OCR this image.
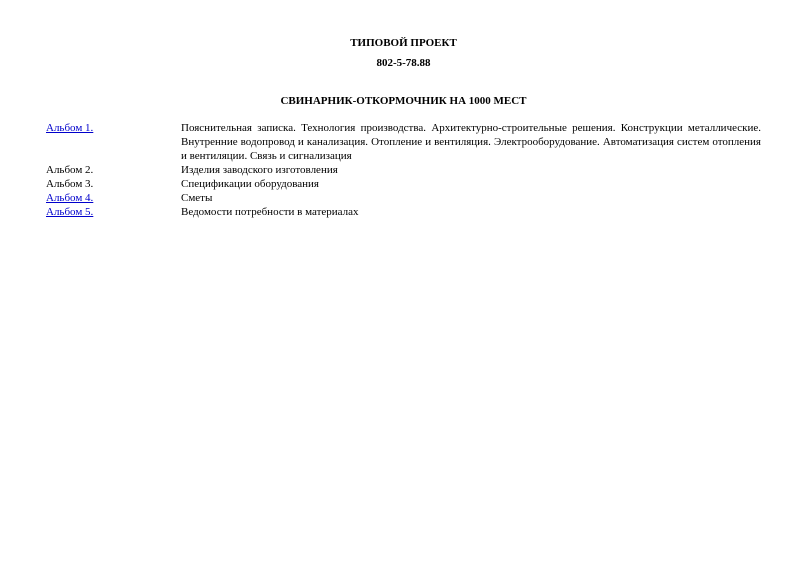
ТИПОВОЙ ПРОЕКТ
802-5-78.88
СВИНАРНИК-ОТКОРМОЧНИК НА 1000 МЕСТ
Альбом 1.	Пояснительная записка. Технология производства. Архитектурно-строительные решения. Конструкции металлические. Внутренние водопровод и канализация. Отопление и вентиляция. Электрооборудование. Автоматизация систем отопления и вентиляции. Связь и сигнализация
Альбом 2.	Изделия заводского изготовления
Альбом 3.	Спецификации оборудования
Альбом 4.	Сметы
Альбом 5.	Ведомости потребности в материалах
